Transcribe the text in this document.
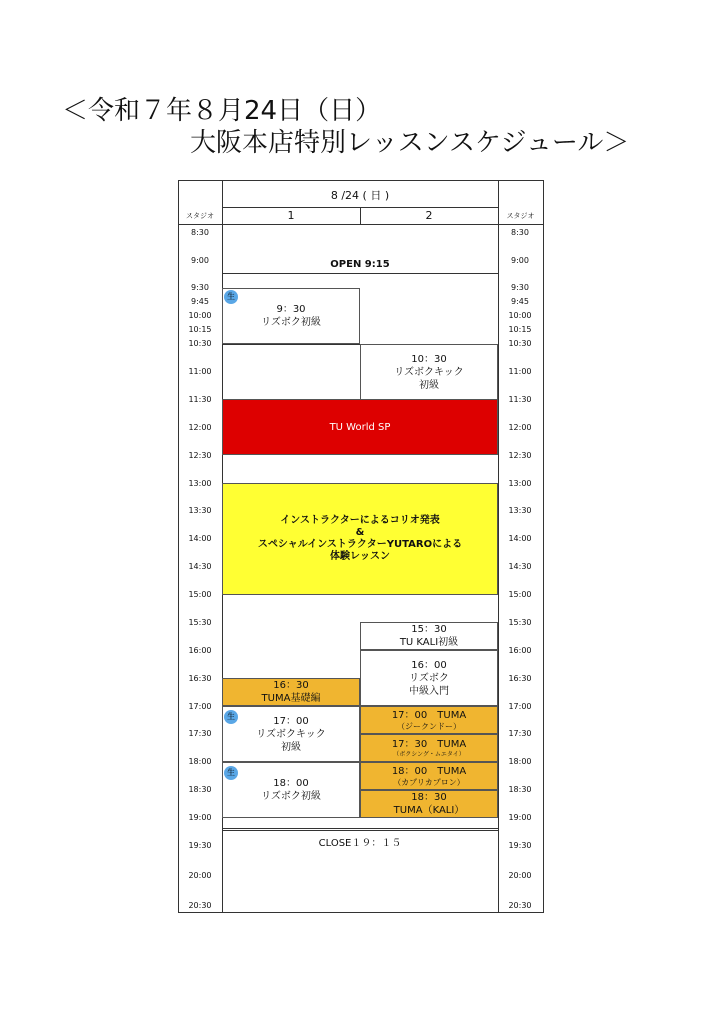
＜令和７年８月24日（日）
大阪本店特別レッスンスケジュール＞
8 /24 ( 日 )
スタジオ	スタジオ
1	2
8:30
9:00
9:30
9:45
10:00
10:15
10:30
11:00
11:30
12:00
12:30
13:00
13:30
14:00
14:30
15:00
15:30
16:00
16:30
17:00
17:30
18:00
18:30
19:00
19:30
20:00
20:30
8:30
9:00
9:30
9:45
10:00
10:15
10:30
11:00
11:30
12:00
12:30
13:00
13:30
14:00
14:30
15:00
15:30
16:00
16:30
17:00
17:30
18:00
18:30
19:00
19:30
20:00
20:30
OPEN 9:15
9：30
リズボク初級
生
10：30
リズボクキック
初級
TU World SP
インストラクターによるコリオ発表
&
スペシャルインストラクターYUTAROによる
体験レッスン
15：30
TU KALI初級
16：00
リズボク
中級入門
16：30
TUMA基礎編
17：00
リズボクキック
初級
生
18：00
リズボク初級
生
17：00　TUMA
（ジークンドー）
17：30　TUMA
（ボクシング・ムエタイ）
18：00　TUMA
（カプリカプロン）
18：30
TUMA（KALI）
CLOSE１９：１５
